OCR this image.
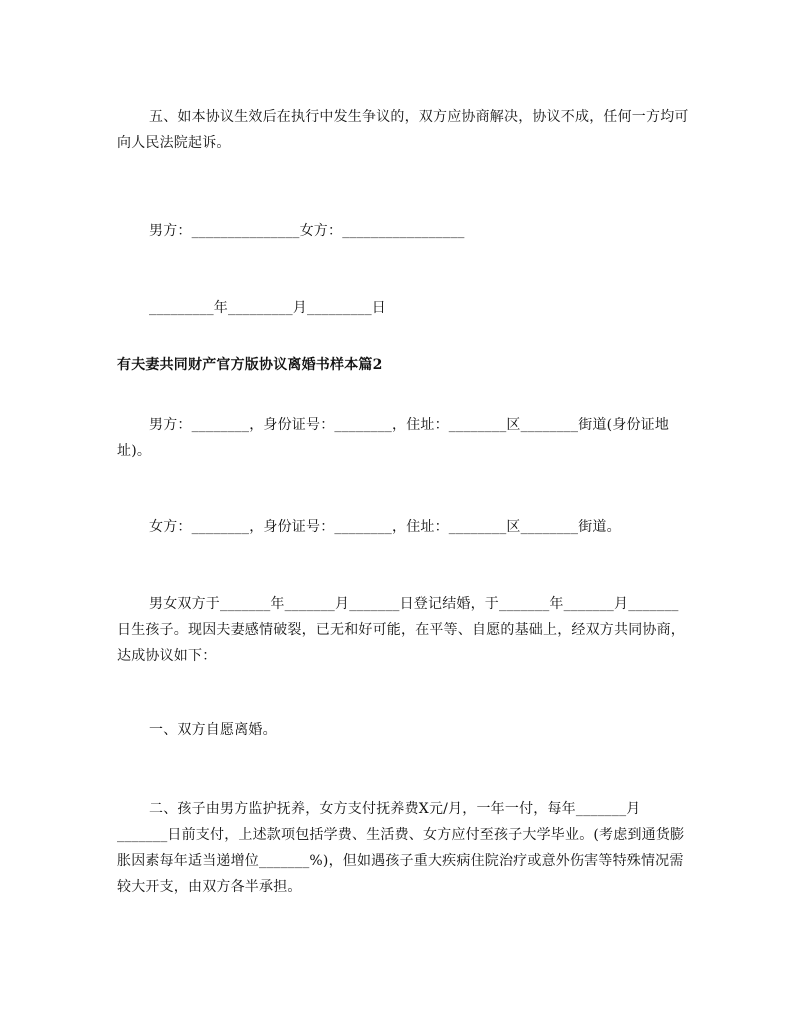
五、如本协议生效后在执行中发生争议的，双方应协商解决，协议不成，任何一方均可向人民法院起诉。

男方：_______________女方：_________________

_________年_________月_________日

有夫妻共同财产官方版协议离婚书样本篇2

男方：________，身份证号：________，住址：________区________街道(身份证地址)。

女方：________，身份证号：________，住址：________区________街道。

男女双方于_______年_______月_______日登记结婚，于_______年_______月_______日生孩子。现因夫妻感情破裂，已无和好可能，在平等、自愿的基础上，经双方共同协商，达成协议如下：

一、双方自愿离婚。

二、孩子由男方监护抚养，女方支付抚养费X元/月，一年一付，每年_______月_______日前支付，上述款项包括学费、生活费、女方应付至孩子大学毕业。(考虑到通货膨胀因素每年适当递增位_______%)，但如遇孩子重大疾病住院治疗或意外伤害等特殊情况需较大开支，由双方各半承担。
